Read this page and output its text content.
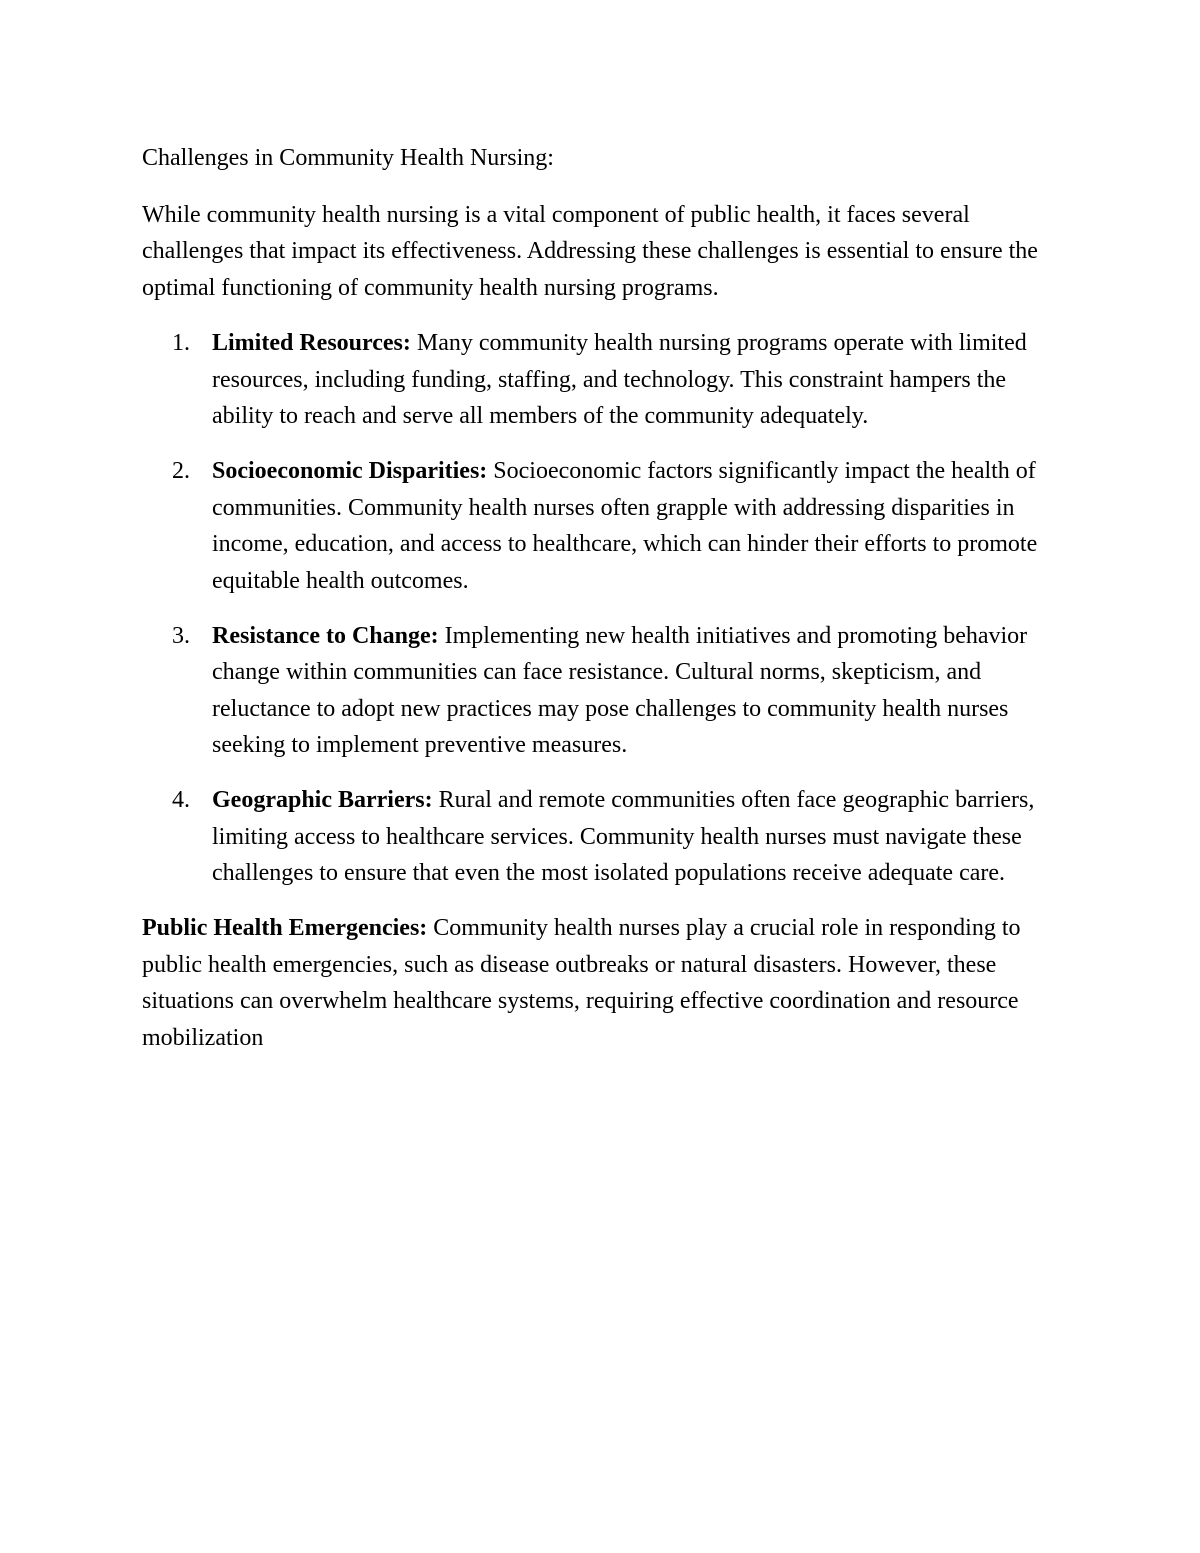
Challenges in Community Health Nursing:

While community health nursing is a vital component of public health, it faces several challenges that impact its effectiveness. Addressing these challenges is essential to ensure the optimal functioning of community health nursing programs.

1. Limited Resources: Many community health nursing programs operate with limited resources, including funding, staffing, and technology. This constraint hampers the ability to reach and serve all members of the community adequately.
2. Socioeconomic Disparities: Socioeconomic factors significantly impact the health of communities. Community health nurses often grapple with addressing disparities in income, education, and access to healthcare, which can hinder their efforts to promote equitable health outcomes.
3. Resistance to Change: Implementing new health initiatives and promoting behavior change within communities can face resistance. Cultural norms, skepticism, and reluctance to adopt new practices may pose challenges to community health nurses seeking to implement preventive measures.
4. Geographic Barriers: Rural and remote communities often face geographic barriers, limiting access to healthcare services. Community health nurses must navigate these challenges to ensure that even the most isolated populations receive adequate care.

Public Health Emergencies: Community health nurses play a crucial role in responding to public health emergencies, such as disease outbreaks or natural disasters. However, these situations can overwhelm healthcare systems, requiring effective coordination and resource mobilization
